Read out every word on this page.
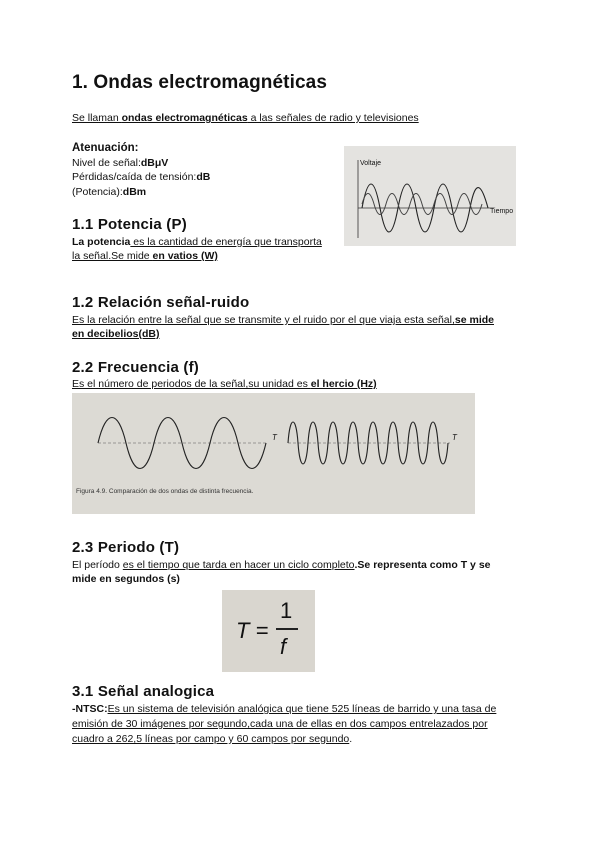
1. Ondas electromagnéticas

Se llaman ondas electromagnéticas a las señales de radio y televisiones

Atenuación:
Nivel de señal:dBμV
Pérdidas/caída de tensión:dB
(Potencia):dBm
Voltaje
Tiempo
1.1 Potencia (P)

La potencia es la cantidad de energía que transporta

la señal.Se mide en vatios (W)

1.2 Relación señal-ruido

Es la relación entre la señal que se transmite y el ruido por el que viaja esta señal,se mide

en decibelios(dB)

2.2 Frecuencia (f)

Es el número de periodos de la señal,su unidad es el hercio (Hz)

T	T
Figura 4.9. Comparación de dos ondas de distinta frecuencia.
2.3 Periodo (T)

El período es el tiempo que tarda en hacer un ciclo completo.Se representa como T y se

mide en segundos (s)

T =
1
f
3.1 Señal analogica

-NTSC:Es un sistema de televisión analógica que tiene 525 líneas de barrido y una tasa de

emisión de 30 imágenes por segundo,cada una de ellas en dos campos entrelazados por

cuadro a 262,5 líneas por campo y 60 campos por segundo.
